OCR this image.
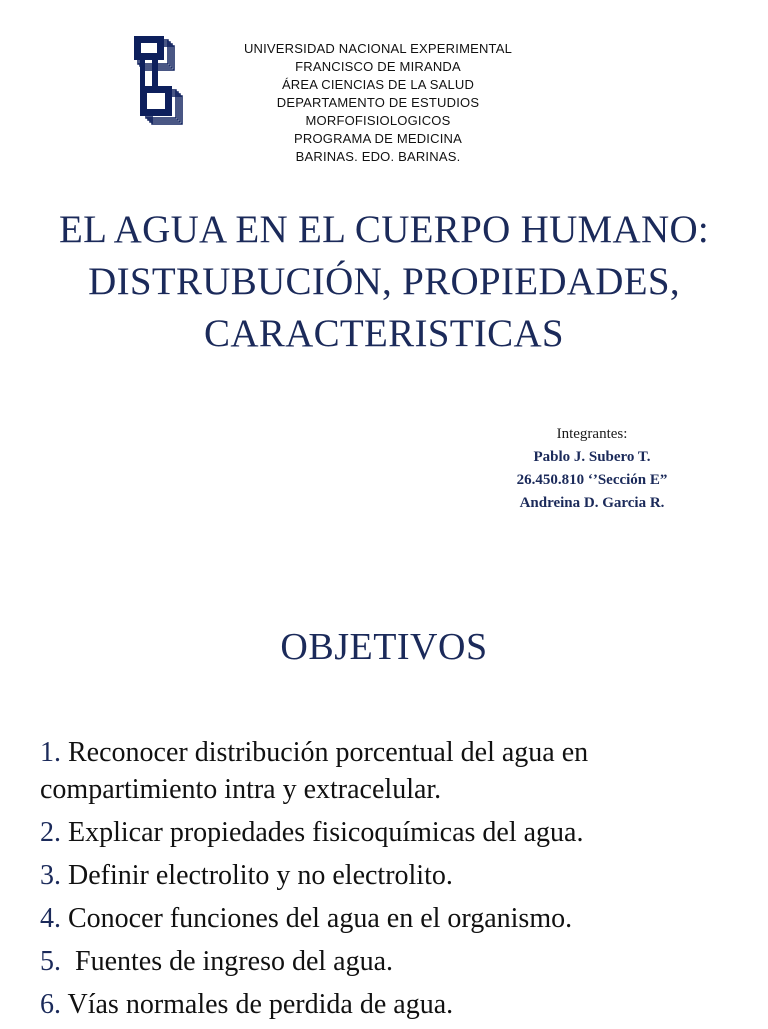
UNIVERSIDAD NACIONAL EXPERIMENTAL
FRANCISCO DE MIRANDA
ÁREA CIENCIAS DE LA SALUD
DEPARTAMENTO DE ESTUDIOS
MORFOFISIOLOGICOS
PROGRAMA DE MEDICINA
BARINAS. EDO. BARINAS.
EL AGUA EN EL CUERPO HUMANO:
DISTRUBUCIÓN, PROPIEDADES,
CARACTERISTICAS
Integrantes:
Pablo J. Subero T.
26.450.810 ‘’Sección E”
Andreina D. Garcia R.
OBJETIVOS
1. Reconocer distribución porcentual del agua en compartimiento intra y extracelular.
2. Explicar propiedades fisicoquímicas del agua.
3. Definir electrolito y no electrolito.
4. Conocer funciones del agua en el organismo.
5.  Fuentes de ingreso del agua.
6. Vías normales de perdida de agua.
